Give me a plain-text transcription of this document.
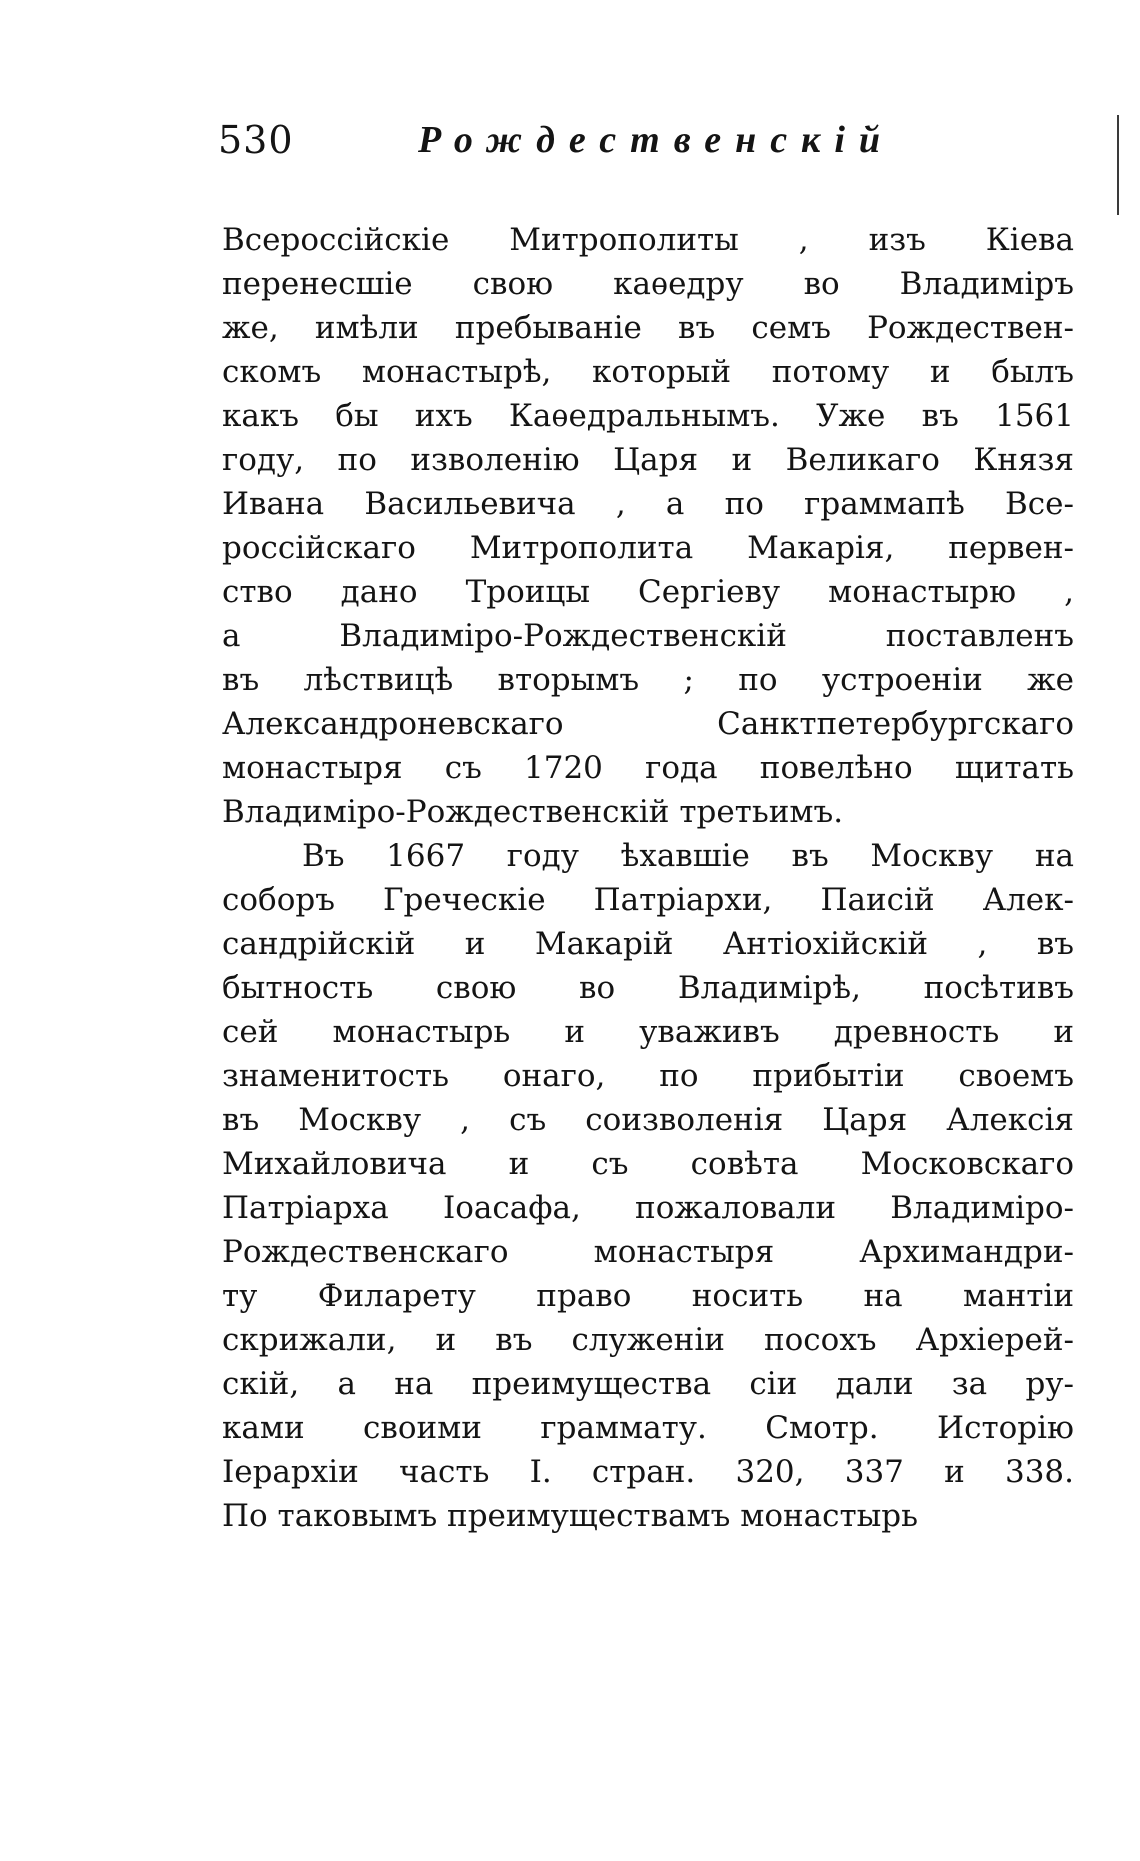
530	Рождественскій
Всероссійскіе Митрополиты , изъ Кіева
перенесшіе свою каѳедру во Владиміръ
же, имѣли пребываніе въ семъ Рождествен-
скомъ монастырѣ, который потому и былъ
какъ бы ихъ Каѳедральнымъ. Уже въ 1561
году, по изволенію Царя и Великаго Князя
Ивана Васильевича , а по граммапѣ Все-
россійскаго Митрополита Макарія, первен-
ство дано Троицы Сергіеву монастырю ,
а Владиміро-Рождественскій поставленъ
въ лѣствицѣ вторымъ ; по устроеніи же
Александроневскаго Санктпетербургскаго
монастыря съ 1720 года повелѣно щитать
Владиміро-Рождественскій третьимъ.
Въ 1667 году ѣхавшіе въ Москву на
соборъ Греческіе Патріархи, Паисій Алек-
сандрійскій и Макарій Антіохійскій , въ
бытность свою во Владимірѣ, посѣтивъ
сей монастырь и уваживъ древность и
знаменитость онаго, по прибытіи своемъ
въ Москву , съ соизволенія Царя Алексія
Михайловича и съ совѣта Московскаго
Патріарха Іоасафа, пожаловали Владиміро-
Рождественскаго монастыря Архимандри-
ту Филарету право носить на мантіи
скрижали, и въ служеніи посохъ Архіерей-
скій, а на преимущества сіи дали за ру-
ками своими граммату. Смотр. Исторію
Іерархіи часть I. стран. 320, 337 и 338.
По таковымъ преимуществамъ монастырь
